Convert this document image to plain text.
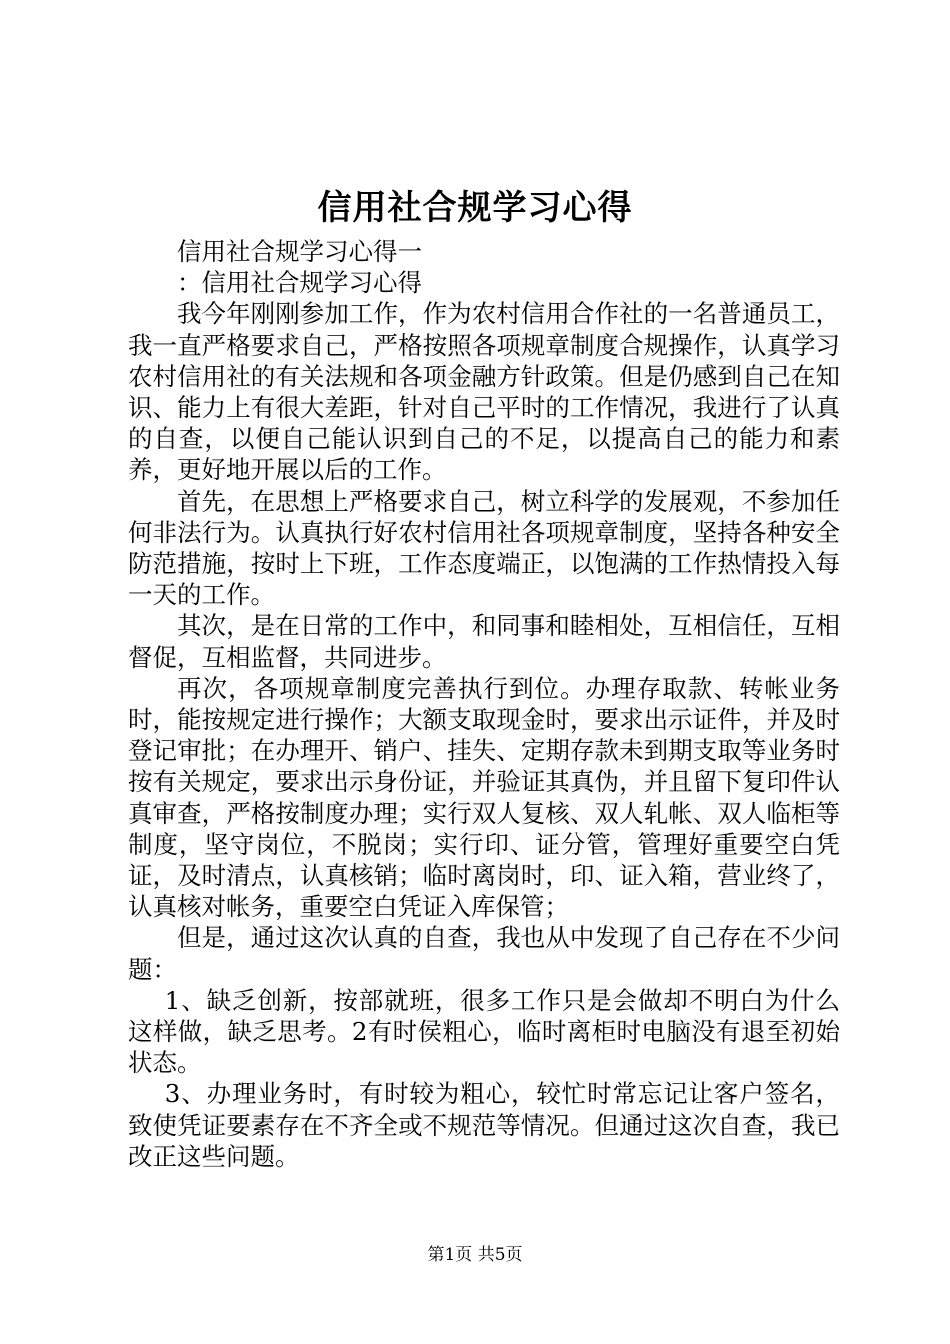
信用社合规学习心得

信用社合规学习心得一

：信用社合规学习心得

我今年刚刚参加工作，作为农村信用合作社的一名普通员工，我一直严格要求自己，严格按照各项规章制度合规操作，认真学习农村信用社的有关法规和各项金融方针政策。但是仍感到自己在知识、能力上有很大差距，针对自己平时的工作情况，我进行了认真的自查，以便自己能认识到自己的不足，以提高自己的能力和素养，更好地开展以后的工作。

首先，在思想上严格要求自己，树立科学的发展观，不参加任何非法行为。认真执行好农村信用社各项规章制度，坚持各种安全防范措施，按时上下班，工作态度端正，以饱满的工作热情投入每一天的工作。

其次，是在日常的工作中，和同事和睦相处，互相信任，互相督促，互相监督，共同进步。

再次，各项规章制度完善执行到位。办理存取款、转帐业务时，能按规定进行操作；大额支取现金时，要求出示证件，并及时登记审批；在办理开、销户、挂失、定期存款未到期支取等业务时按有关规定，要求出示身份证，并验证其真伪，并且留下复印件认真审查，严格按制度办理；实行双人复核、双人轧帐、双人临柜等制度，坚守岗位，不脱岗；实行印、证分管，管理好重要空白凭证，及时清点，认真核销；临时离岗时，印、证入箱，营业终了，认真核对帐务，重要空白凭证入库保管；

但是，通过这次认真的自查，我也从中发现了自己存在不少问题：

1、缺乏创新，按部就班，很多工作只是会做却不明白为什么这样做，缺乏思考。2有时侯粗心，临时离柜时电脑没有退至初始状态。

3、办理业务时，有时较为粗心，较忙时常忘记让客户签名，致使凭证要素存在不齐全或不规范等情况。但通过这次自查，我已改正这些问题。

第1页 共5页
